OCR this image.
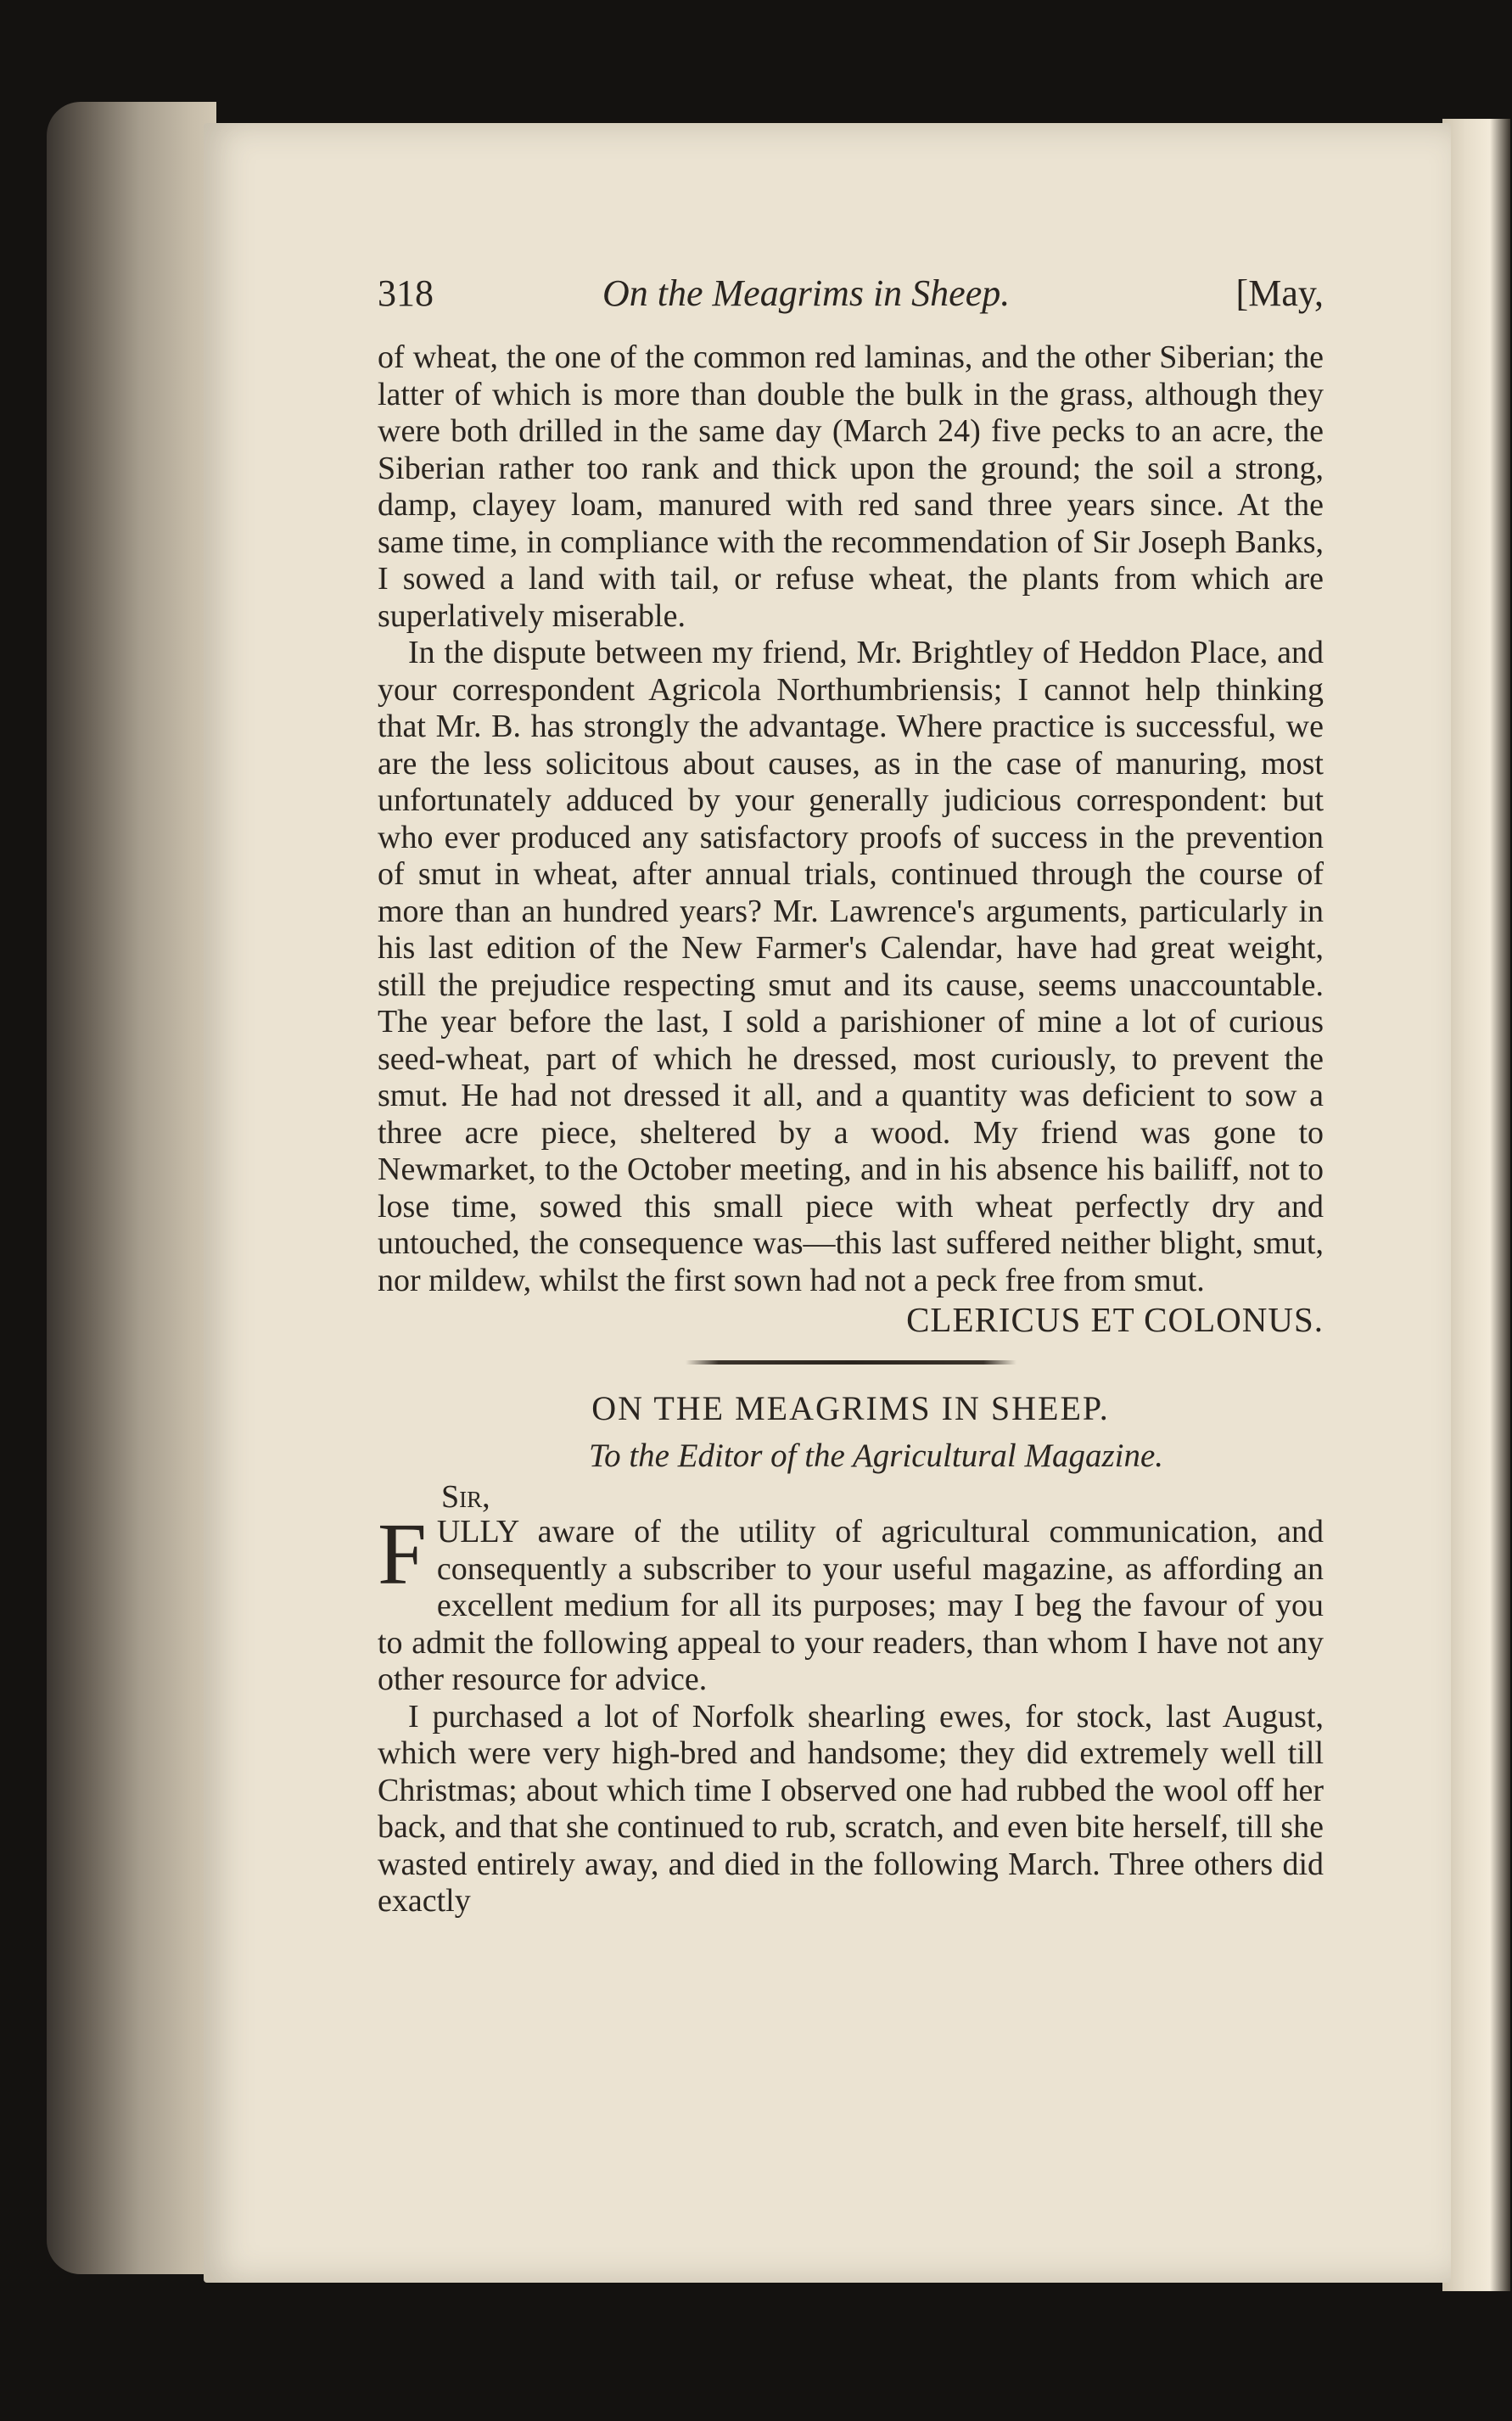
318	On the Meagrims in Sheep.	[May,

of wheat, the one of the common red laminas, and the other Siberian; the latter of which is more than double the bulk in the grass, although they were both drilled in the same day (March 24) five pecks to an acre, the Siberian rather too rank and thick upon the ground; the soil a strong, damp, clayey loam, manured with red sand three years since. At the same time, in compliance with the recommendation of Sir Joseph Banks, I sowed a land with tail, or refuse wheat, the plants from which are superlatively miserable.

In the dispute between my friend, Mr. Brightley of Heddon Place, and your correspondent Agricola Northumbriensis; I cannot help thinking that Mr. B. has strongly the advantage. Where practice is successful, we are the less solicitous about causes, as in the case of manuring, most unfortunately adduced by your generally judicious correspondent: but who ever produced any satisfactory proofs of success in the prevention of smut in wheat, after annual trials, continued through the course of more than an hundred years? Mr. Lawrence's arguments, particularly in his last edition of the New Farmer's Calendar, have had great weight, still the prejudice respecting smut and its cause, seems unaccountable. The year before the last, I sold a parishioner of mine a lot of curious seed-wheat, part of which he dressed, most curiously, to prevent the smut. He had not dressed it all, and a quantity was deficient to sow a three acre piece, sheltered by a wood. My friend was gone to Newmarket, to the October meeting, and in his absence his bailiff, not to lose time, sowed this small piece with wheat perfectly dry and untouched, the consequence was—this last suffered neither blight, smut, nor mildew, whilst the first sown had not a peck free from smut.

CLERICUS ET COLONUS.
ON THE MEAGRIMS IN SHEEP.
To the Editor of the Agricultural Magazine.
Sir,

F ULLY aware of the utility of agricultural communication, and consequently a subscriber to your useful magazine, as affording an excellent medium for all its purposes; may I beg the favour of you to admit the following appeal to your readers, than whom I have not any other resource for advice.

I purchased a lot of Norfolk shearling ewes, for stock, last August, which were very high-bred and handsome; they did extremely well till Christmas; about which time I observed one had rubbed the wool off her back, and that she continued to rub, scratch, and even bite herself, till she wasted entirely away, and died in the following March. Three others did exactly
